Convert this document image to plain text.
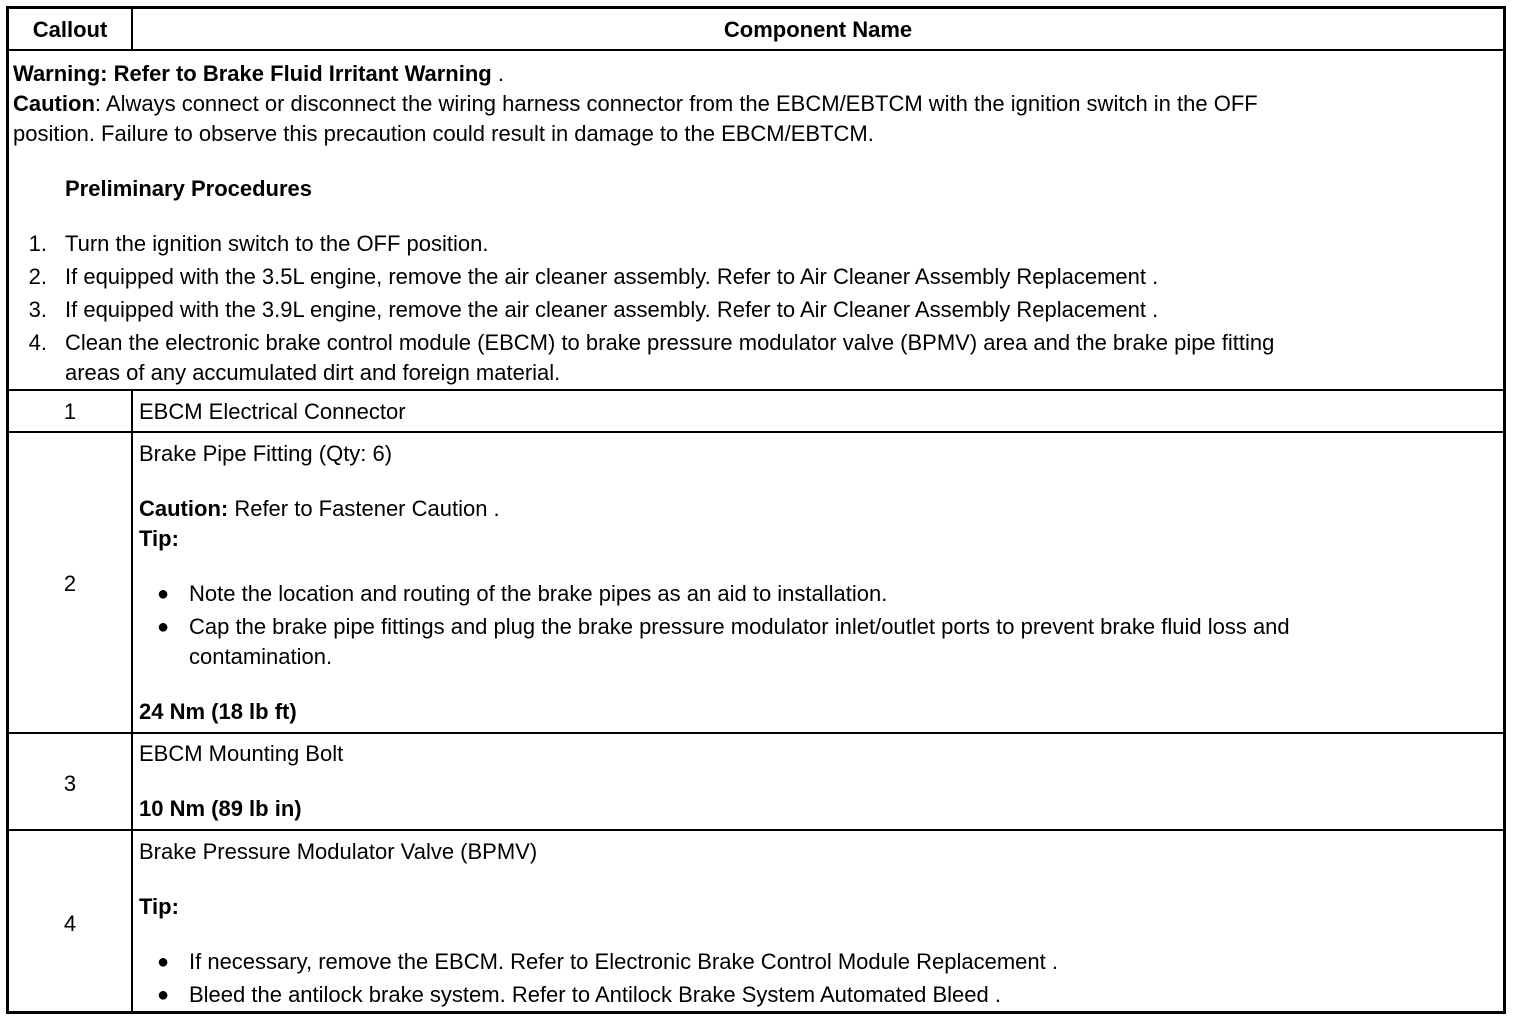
Callout	Component Name
Warning: Refer to Brake Fluid Irritant Warning .
Caution: Always connect or disconnect the wiring harness connector from the EBCM/EBTCM with the ignition switch in the OFF
position. Failure to observe this precaution could result in damage to the EBCM/EBTCM.
Preliminary Procedures
1. Turn the ignition switch to the OFF position.
2. If equipped with the 3.5L engine, remove the air cleaner assembly. Refer to Air Cleaner Assembly Replacement .
3. If equipped with the 3.9L engine, remove the air cleaner assembly. Refer to Air Cleaner Assembly Replacement .
4. Clean the electronic brake control module (EBCM) to brake pressure modulator valve (BPMV) area and the brake pipe fitting
areas of any accumulated dirt and foreign material.
1	EBCM Electrical Connector
2
Brake Pipe Fitting (Qty: 6)
Caution: Refer to Fastener Caution .
Tip:
● Note the location and routing of the brake pipes as an aid to installation.
● Cap the brake pipe fittings and plug the brake pressure modulator inlet/outlet ports to prevent brake fluid loss and
contamination.
24 Nm (18 lb ft)
3
EBCM Mounting Bolt
10 Nm (89 lb in)
4
Brake Pressure Modulator Valve (BPMV)
Tip:
● If necessary, remove the EBCM. Refer to Electronic Brake Control Module Replacement .
● Bleed the antilock brake system. Refer to Antilock Brake System Automated Bleed .
